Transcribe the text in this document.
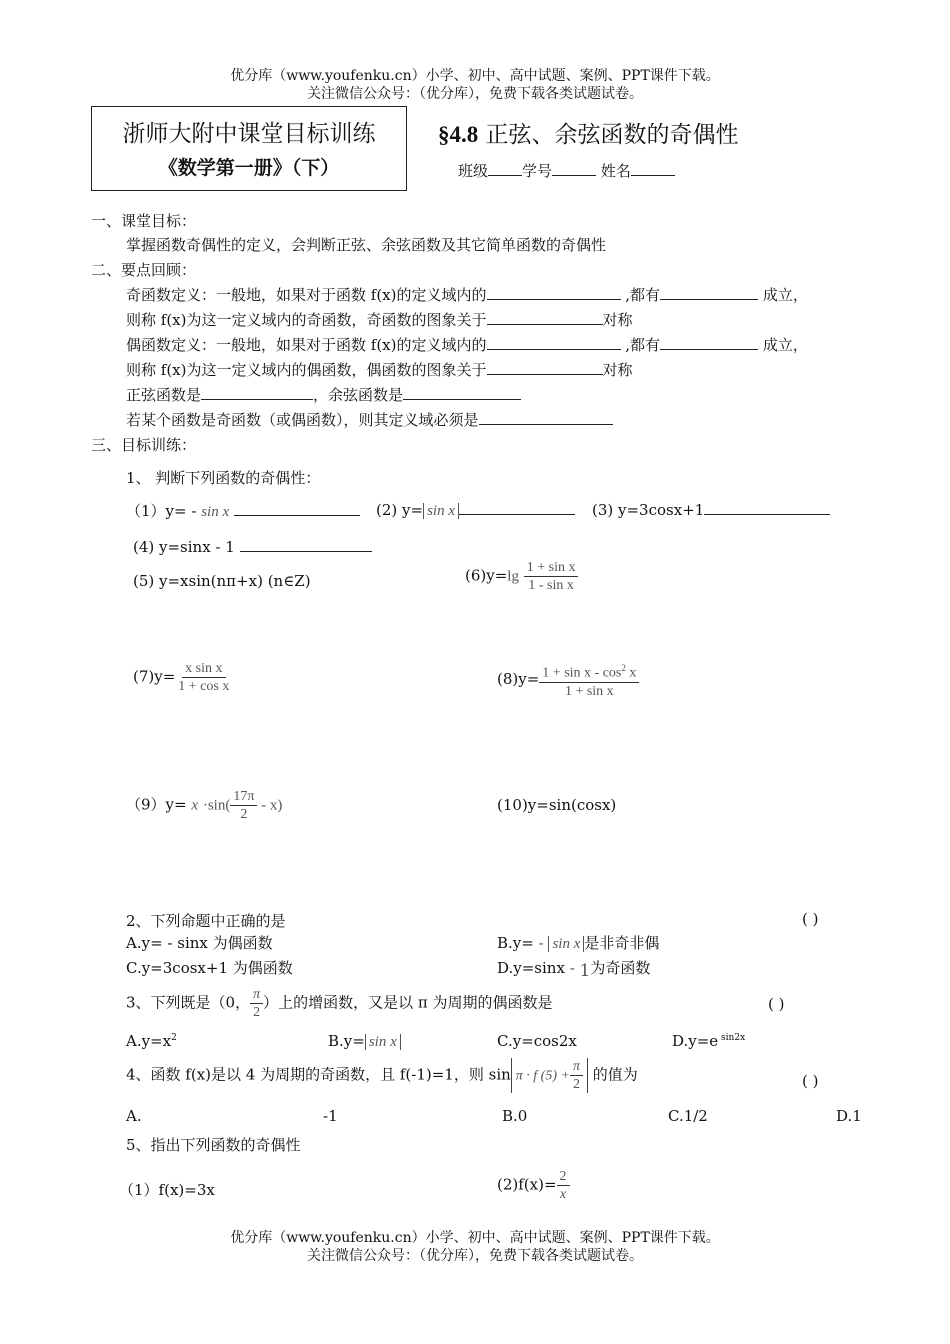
优分库（www.youfenku.cn）小学、初中、高中试题、案例、PPT课件下载。
关注微信公众号：（优分库），免费下载各类试题试卷。
浙师大附中课堂目标训练
《数学第一册》（下）
§4.8 正弦、余弦函数的奇偶性
班级 学号	姓名
一、课堂目标：
掌握函数奇偶性的定义，会判断正弦、余弦函数及其它简单函数的奇偶性
二、要点回顾：
奇函数定义：一般地，如果对于函数 f(x)的定义域内的	,都有	成立，
则称 f(x)为这一定义域内的奇函数，奇函数的图象关于	对称
偶函数定义：一般地，如果对于函数 f(x)的定义域内的	,都有	成立，
则称 f(x)为这一定义域内的偶函数，偶函数的图象关于	对称
正弦函数是	，余弦函数是
若某个函数是奇函数（或偶函数），则其定义域必须是
三、目标训练：
1、 判断下列函数的奇偶性：
（1）y= - sin x	(2) y= sin x	(3) y=3cosx+1
(4) y=sinx - 1
(5) y=xsin(nπ+x) (n∈Z)	$(6)y=\lg \frac{\text{1 + sin x}}{\text{1 - sin x}}$
$(7)y= \frac{\text{x sin x}}{\text{1 + cos x}}$	$(8)y= \frac{1 + \sin x - \cos^2 x}{\text{1 + sin x}}$
$(9)y= x \cdot\sin( \frac{17\pi}{2} - x)$	(10)y=sin(cosx)
2、下列命题中正确的是	( )
A.y= - sinx 为偶函数	B.y= - sin x 是非奇非偶
C.y=3cosx+1 为偶函数	D.y=sinx - 1为奇函数
3、下列既是（0， $\frac{\pi}{2}$ ）上的增函数，又是以 π 为周期的偶函数是	( )
$A.y=x^2$	B.y= sin x	C.y=cos2x	D.y=e $^{sin2x}$
4、函数 f(x)是以 4 为周期的奇函数，且 f(-1)=1，则 sin π · f $(5) + \frac{\pi}{2}$ 的值为	( )
A.	-1	B.0	C.1/2	D.1
5、指出下列函数的奇偶性
（1）f(x)=3x	$(2)f(x)= \frac{2}{x}$
优分库（www.youfenku.cn）小学、初中、高中试题、案例、PPT课件下载。
关注微信公众号：（优分库），免费下载各类试题试卷。
